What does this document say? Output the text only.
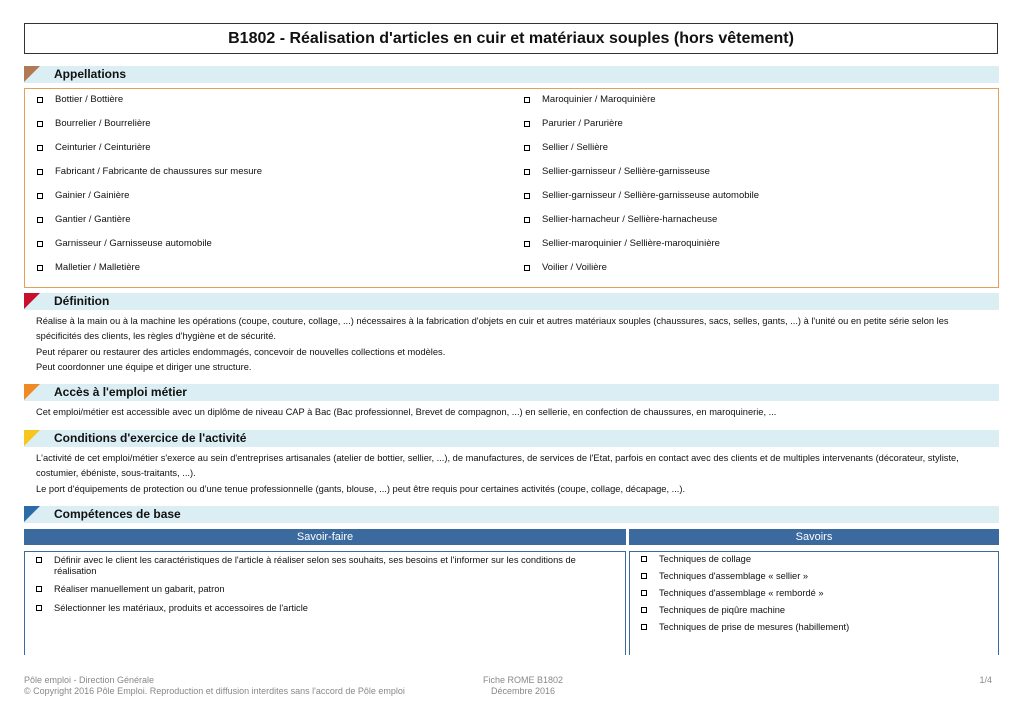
B1802 - Réalisation d'articles en cuir et matériaux souples (hors vêtement)
Appellations
Bottier / Bottière
Bourrelier / Bourrelière
Ceinturier / Ceinturière
Fabricant / Fabricante de chaussures sur mesure
Gainier / Gainière
Gantier / Gantière
Garnisseur / Garnisseuse automobile
Malletier / Malletière
Maroquinier / Maroquinière
Parurier / Parurière
Sellier / Sellière
Sellier-garnisseur / Sellière-garnisseuse
Sellier-garnisseur / Sellière-garnisseuse automobile
Sellier-harnacheur / Sellière-harnacheuse
Sellier-maroquinier / Sellière-maroquinière
Voilier / Voilière
Définition

Réalise à la main ou à la machine les opérations (coupe, couture, collage, ...) nécessaires à la fabrication d'objets en cuir et autres matériaux souples (chaussures, sacs, selles, gants, ...) à l'unité ou en petite série selon les spécificités des clients, les règles d'hygiène et de sécurité.

Peut réparer ou restaurer des articles endommagés, concevoir de nouvelles collections et modèles.

Peut coordonner une équipe et diriger une structure.

Accès à l'emploi métier

Cet emploi/métier est accessible avec un diplôme de niveau CAP à Bac (Bac professionnel, Brevet de compagnon, ...) en sellerie, en confection de chaussures, en maroquinerie, ...

Conditions d'exercice de l'activité

L'activité de cet emploi/métier s'exerce au sein d'entreprises artisanales (atelier de bottier, sellier, ...), de manufactures, de services de l'Etat, parfois en contact avec des clients et de multiples intervenants (décorateur, styliste, costumier, ébéniste, sous-traitants, ...).

Le port d'équipements de protection ou d'une tenue professionnelle (gants, blouse, ...) peut être requis pour certaines activités (coupe, collage, décapage, ...).

Compétences de base
Savoir-faire	Savoirs
Définir avec le client les caractéristiques de l'article à réaliser selon ses souhaits, ses besoins et l'informer sur les conditions de réalisation
Réaliser manuellement un gabarit, patron
Sélectionner les matériaux, produits et accessoires de l'article
Techniques de collage
Techniques d'assemblage « sellier »
Techniques d'assemblage « rembordé »
Techniques de piqûre machine
Techniques de prise de mesures (habillement)
Pôle emploi - Direction Générale
© Copyright 2016 Pôle Emploi. Reproduction et diffusion interdites sans l'accord de Pôle emploi
Fiche ROME B1802
Décembre 2016
1/4
